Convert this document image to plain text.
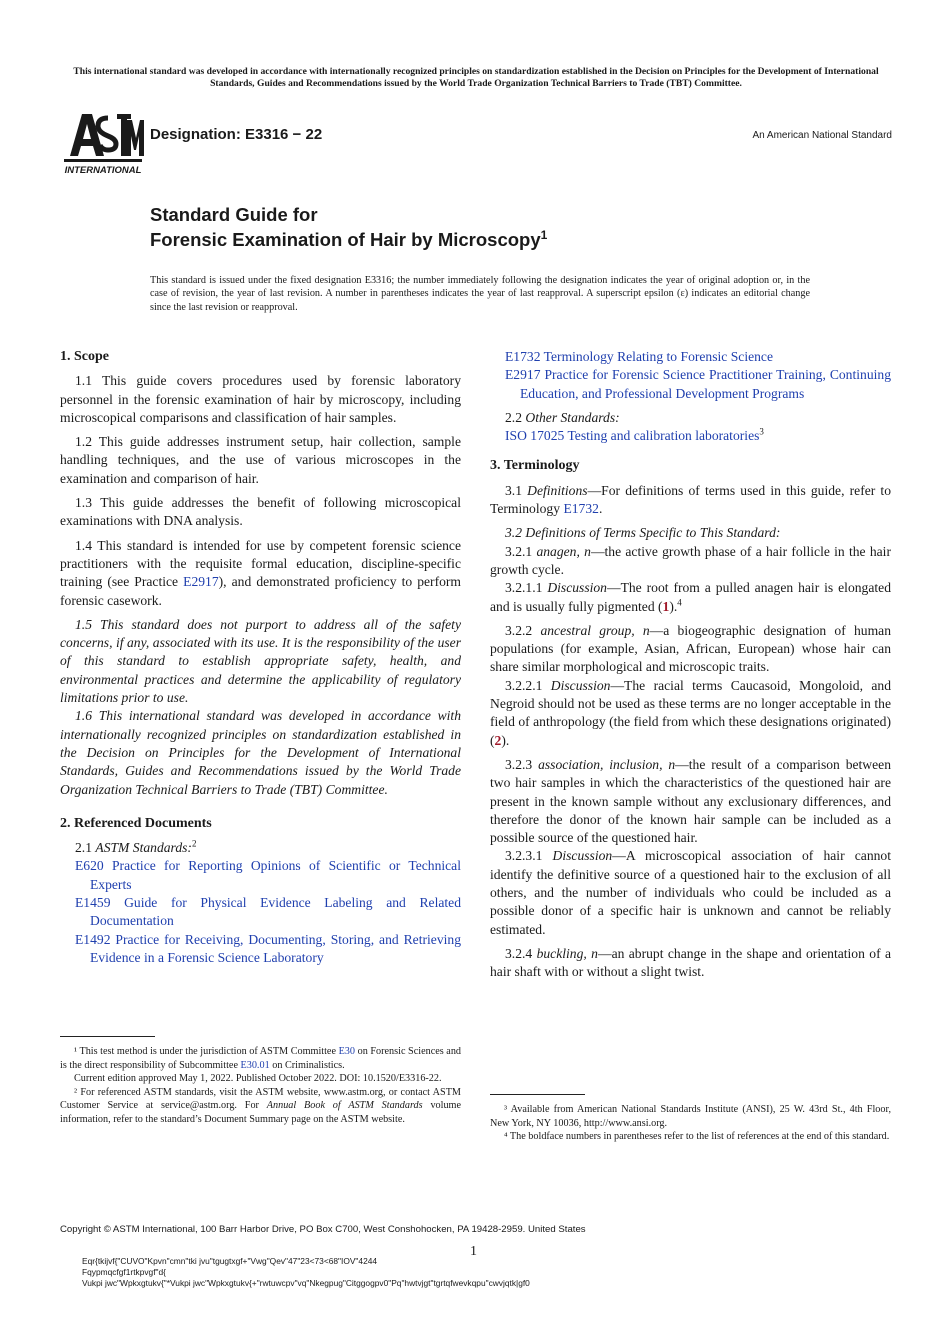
This international standard was developed in accordance with internationally recognized principles on standardization established in the Decision on Principles for the Development of International Standards, Guides and Recommendations issued by the World Trade Organization Technical Barriers to Trade (TBT) Committee.
INTERNATIONAL
Designation: E3316 − 22	An American National Standard
Standard Guide for
Forensic Examination of Hair by Microscopy$^1$
This standard is issued under the fixed designation E3316; the number immediately following the designation indicates the year of original adoption or, in the case of revision, the year of last revision. A number in parentheses indicates the year of last reapproval. A superscript epsilon (ε) indicates an editorial change since the last revision or reapproval.
1. Scope

1.1 This guide covers procedures used by forensic laboratory personnel in the forensic examination of hair by microscopy, including microscopical comparisons and classification of hair samples.

1.2 This guide addresses instrument setup, hair collection, sample handling techniques, and the use of various microscopes in the examination and comparison of hair.

1.3 This guide addresses the benefit of following microscopical examinations with DNA analysis.

1.4 This standard is intended for use by competent forensic science practitioners with the requisite formal education, discipline-specific training (see Practice E2917), and demonstrated proficiency to perform forensic casework.

1.5 This standard does not purport to address all of the safety concerns, if any, associated with its use. It is the responsibility of the user of this standard to establish appropriate safety, health, and environmental practices and determine the applicability of regulatory limitations prior to use.

1.6 This international standard was developed in accordance with internationally recognized principles on standardization established in the Decision on Principles for the Development of International Standards, Guides and Recommendations issued by the World Trade Organization Technical Barriers to Trade (TBT) Committee.

2. Referenced Documents

2.1 ASTM Standards:$^2$

E620 Practice for Reporting Opinions of Scientific or Technical Experts
E1459 Guide for Physical Evidence Labeling and Related Documentation
E1492 Practice for Receiving, Documenting, Storing, and Retrieving Evidence in a Forensic Science Laboratory
E1732 Terminology Relating to Forensic Science
E2917 Practice for Forensic Science Practitioner Training, Continuing Education, and Professional Development Programs

2.2 Other Standards:

ISO 17025 Testing and calibration laboratories$^3$
3. Terminology

3.1 Definitions—For definitions of terms used in this guide, refer to Terminology E1732.

3.2 Definitions of Terms Specific to This Standard:

3.2.1 anagen, n—the active growth phase of a hair follicle in the hair growth cycle.

3.2.1.1 Discussion—The root from a pulled anagen hair is elongated and is usually fully pigmented (1).$^4$

3.2.2 ancestral group, n—a biogeographic designation of human populations (for example, Asian, African, European) whose hair can share similar morphological and microscopic traits.

3.2.2.1 Discussion—The racial terms Caucasoid, Mongoloid, and Negroid should not be used as these terms are no longer acceptable in the field of anthropology (the field from which these designations originated) (2).

3.2.3 association, inclusion, n—the result of a comparison between two hair samples in which the characteristics of the questioned hair are present in the known sample without any exclusionary differences, and therefore the donor of the known hair sample can be included as a possible source of the questioned hair.

3.2.3.1 Discussion—A microscopical association of hair cannot identify the definitive source of a questioned hair to the exclusion of all others, and the number of individuals who could be included as a possible donor of a specific hair is unknown and cannot be reliably estimated.

3.2.4 buckling, n—an abrupt change in the shape and orientation of a hair shaft with or without a slight twist.

¹ This test method is under the jurisdiction of ASTM Committee E30 on Forensic Sciences and is the direct responsibility of Subcommittee E30.01 on Criminalistics.

Current edition approved May 1, 2022. Published October 2022. DOI: 10.1520/E3316-22.

² For referenced ASTM standards, visit the ASTM website, www.astm.org, or contact ASTM Customer Service at service@astm.org. For Annual Book of ASTM Standards volume information, refer to the standard’s Document Summary page on the ASTM website.

³ Available from American National Standards Institute (ANSI), 25 W. 43rd St., 4th Floor, New York, NY 10036, http://www.ansi.org.

⁴ The boldface numbers in parentheses refer to the list of references at the end of this standard.

Copyright © ASTM International, 100 Barr Harbor Drive, PO Box C700, West Conshohocken, PA 19428-2959. United States
1
Eqr{tkijvf{"CUVO"Kpvn"cmn"tki jvu"tgugtxgf+"Vwg"Qev"47"23<73<68"IOV"4244
Fqypmqcfgf1rtkpvgf"d{
Vukpi jwc"Wpkxgtukv{"*Vukpi jwc"Wpkxgtukv{+"rwtuwcpv"vq"Nkegpug"Citggogpv0"Pq"hwtvjgt"tgrtqfwevkqpu"cwvjqtk|gf0
